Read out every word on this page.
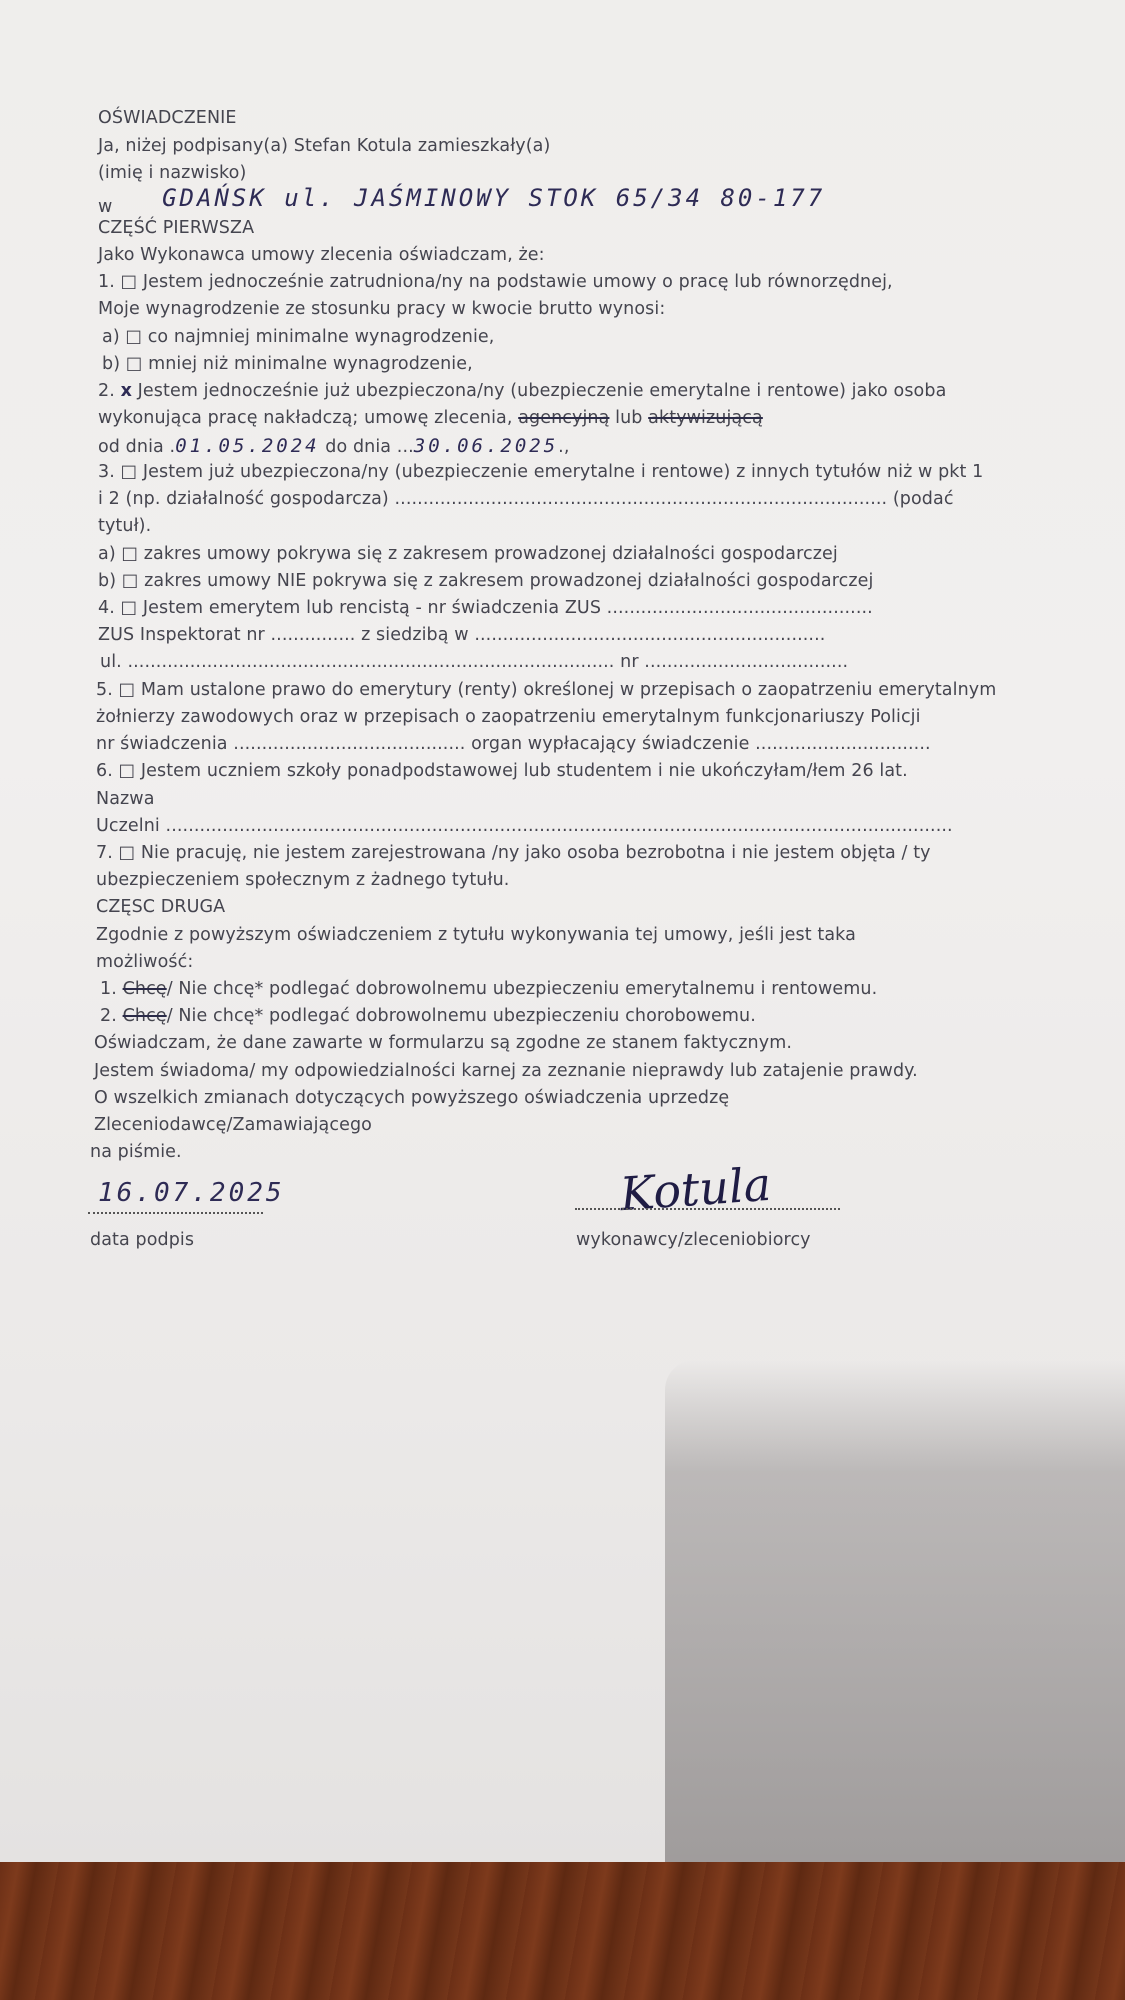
OŚWIADCZENIE
Ja, niżej podpisany(a) Stefan Kotula zamieszkały(a)
(imię i nazwisko)
w GDAŃSK ul. JAŚMINOWY STOK 65/34 80-177
CZĘŚĆ PIERWSZA
Jako Wykonawca umowy zlecenia oświadczam, że:
1. □ Jestem jednocześnie zatrudniona/ny na podstawie umowy o pracę lub równorzędnej,
Moje wynagrodzenie ze stosunku pracy w kwocie brutto wynosi:
a) □ co najmniej minimalne wynagrodzenie,
b) □ mniej niż minimalne wynagrodzenie,
2. x Jestem jednocześnie już ubezpieczona/ny (ubezpieczenie emerytalne i rentowe) jako osoba
wykonująca pracę nakładczą; umowę zlecenia, agencyjną lub aktywizującą
od dnia .01.05.2024 do dnia ...30.06.2025.,
3. □ Jestem już ubezpieczona/ny (ubezpieczenie emerytalne i rentowe) z innych tytułów niż w pkt 1
i 2 (np. działalność gospodarcza) ....................................................................................... (podać
tytuł).
a) □ zakres umowy pokrywa się z zakresem prowadzonej działalności gospodarczej
b) □ zakres umowy NIE pokrywa się z zakresem prowadzonej działalności gospodarczej
4. □ Jestem emerytem lub rencistą - nr świadczenia ZUS ...............................................
ZUS Inspektorat nr ............... z siedzibą w ..............................................................
ul. ...................................................................................... nr ....................................
5. □ Mam ustalone prawo do emerytury (renty) określonej w przepisach o zaopatrzeniu emerytalnym
żołnierzy zawodowych oraz w przepisach o zaopatrzeniu emerytalnym funkcjonariuszy Policji
nr świadczenia ......................................... organ wypłacający świadczenie ...............................
6. □ Jestem uczniem szkoły ponadpodstawowej lub studentem i nie ukończyłam/łem 26 lat.
Nazwa
Uczelni ...........................................................................................................................................
7. □ Nie pracuję, nie jestem zarejestrowana /ny jako osoba bezrobotna i nie jestem objęta / ty
ubezpieczeniem społecznym z żadnego tytułu.
CZĘSC DRUGA
Zgodnie z powyższym oświadczeniem z tytułu wykonywania tej umowy, jeśli jest taka
możliwość:
1. Chcę/ Nie chcę* podlegać dobrowolnemu ubezpieczeniu emerytalnemu i rentowemu.
2. Chcę/ Nie chcę* podlegać dobrowolnemu ubezpieczeniu chorobowemu.
Oświadczam, że dane zawarte w formularzu są zgodne ze stanem faktycznym.
Jestem świadoma/ my odpowiedzialności karnej za zeznanie nieprawdy lub zatajenie prawdy.
O wszelkich zmianach dotyczących powyższego oświadczenia uprzedzę
Zleceniodawcę/Zamawiającego
na piśmie.
16.07.2025	Kotula
data podpis	wykonawcy/zleceniobiorcy
